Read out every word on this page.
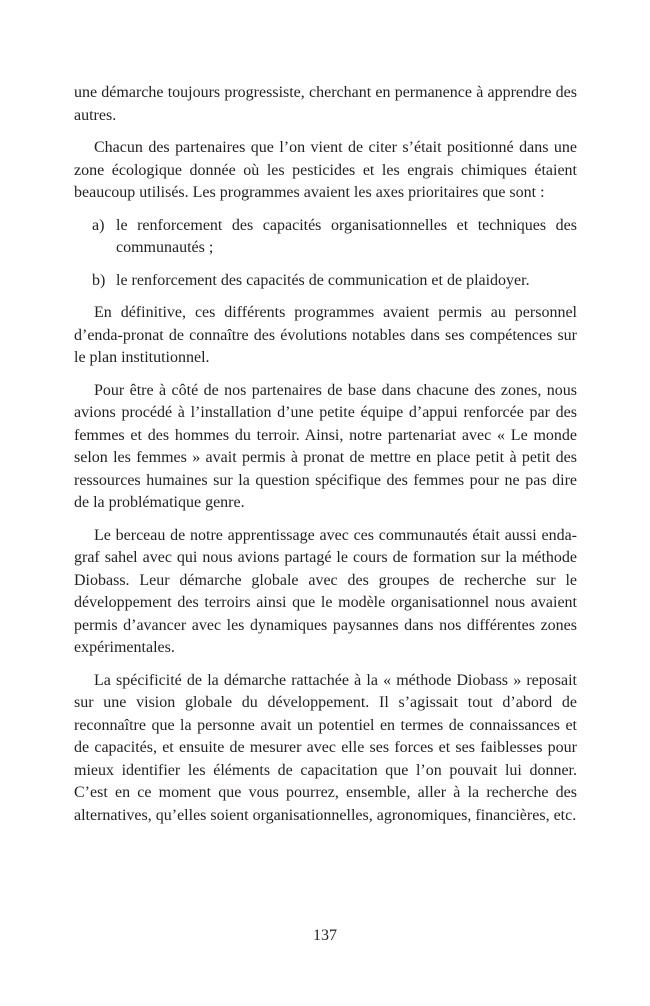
une démarche toujours progressiste, cherchant en permanence à apprendre des autres.

Chacun des partenaires que l’on vient de citer s’était positionné dans une zone écologique donnée où les pesticides et les engrais chimiques étaient beaucoup utilisés. Les programmes avaient les axes prioritaires que sont :

a) le renforcement des capacités organisationnelles et techniques des communautés ;
b) le renforcement des capacités de communication et de plaidoyer.

En définitive, ces différents programmes avaient permis au personnel d’enda-pronat de connaître des évolutions notables dans ses compétences sur le plan institutionnel.

Pour être à côté de nos partenaires de base dans chacune des zones, nous avions procédé à l’installation d’une petite équipe d’appui renforcée par des femmes et des hommes du terroir. Ainsi, notre partenariat avec « Le monde selon les femmes » avait permis à pronat de mettre en place petit à petit des ressources humaines sur la question spécifique des femmes pour ne pas dire de la problématique genre.

Le berceau de notre apprentissage avec ces communautés était aussi enda-graf sahel avec qui nous avions partagé le cours de formation sur la méthode Diobass. Leur démarche globale avec des groupes de recherche sur le développement des terroirs ainsi que le modèle organisationnel nous avaient permis d’avancer avec les dynamiques paysannes dans nos différentes zones expérimentales.

La spécificité de la démarche rattachée à la « méthode Diobass » reposait sur une vision globale du développement. Il s’agissait tout d’abord de reconnaître que la personne avait un potentiel en termes de connaissances et de capacités, et ensuite de mesurer avec elle ses forces et ses faiblesses pour mieux identifier les éléments de capacitation que l’on pouvait lui donner. C’est en ce moment que vous pourrez, ensemble, aller à la recherche des alternatives, qu’elles soient organisationnelles, agronomiques, financières, etc.

137
